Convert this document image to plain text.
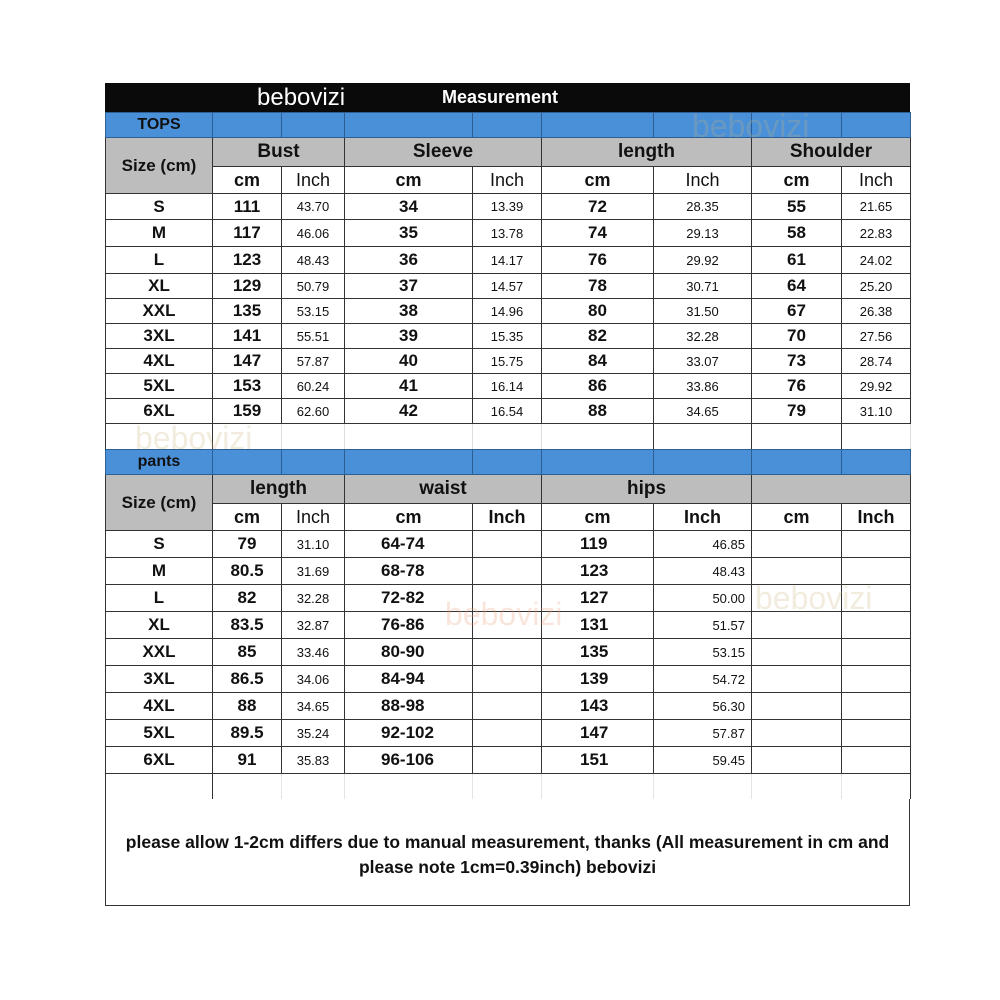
bebovizi	Measurement
TOPS								
Size (cm)	Bust		Sleeve		length		Shoulder	
	cm	Inch	cm	Inch	cm	Inch	cm	Inch
S	111	43.70	34	13.39	72	28.35	55	21.65
M	117	46.06	35	13.78	74	29.13	58	22.83
L	123	48.43	36	14.17	76	29.92	61	24.02
XL	129	50.79	37	14.57	78	30.71	64	25.20
XXL	135	53.15	38	14.96	80	31.50	67	26.38
3XL	141	55.51	39	15.35	82	32.28	70	27.56
4XL	147	57.87	40	15.75	84	33.07	73	28.74
5XL	153	60.24	41	16.14	86	33.86	76	29.92
6XL	159	62.60	42	16.54	88	34.65	79	31.10

pants								
Size (cm)	length		waist		hips			
	cm	Inch	cm	Inch	cm	Inch	cm	Inch
S	79	31.10	64-74		119	46.85		
M	80.5	31.69	68-78		123	48.43		
L	82	32.28	72-82		127	50.00		
XL	83.5	32.87	76-86		131	51.57		
XXL	85	33.46	80-90		135	53.15		
3XL	86.5	34.06	84-94		139	54.72		
4XL	88	34.65	88-98		143	56.30		
5XL	89.5	35.24	92-102		147	57.87		
6XL	91	35.83	96-106		151	59.45		

please allow 1-2cm differs due to manual measurement, thanks (All measurement in cm and please note 1cm=0.39inch) bebovizi
bebovizi
bebovizi
bebovizi	bebovizi
